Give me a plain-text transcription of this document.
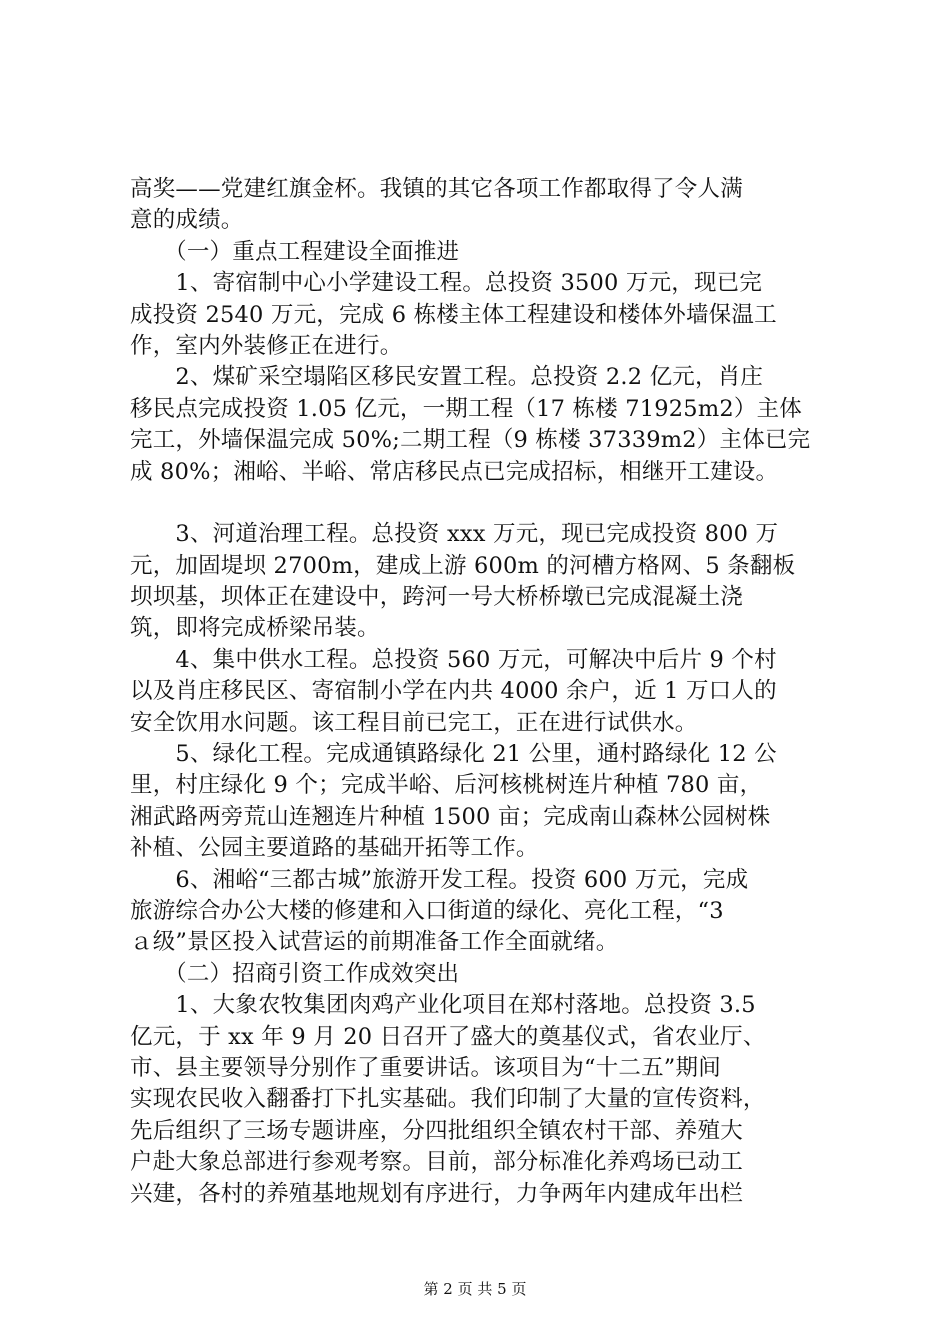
高奖——党建红旗金杯。我镇的其它各项工作都取得了令人满
意的成绩。
　　（一）重点工程建设全面推进
　　1、寄宿制中心小学建设工程。总投资 3500 万元，现已完
成投资 2540 万元，完成 6 栋楼主体工程建设和楼体外墙保温工
作，室内外装修正在进行。
　　2、煤矿采空塌陷区移民安置工程。总投资 2.2 亿元，肖庄
移民点完成投资 1.05 亿元，一期工程（17 栋楼 71925m2）主体
完工，外墙保温完成 50%;二期工程（9 栋楼 37339m2）主体已完
成 80%；湘峪、半峪、常店移民点已完成招标，相继开工建设。
　　3、河道治理工程。总投资 xxx 万元，现已完成投资 800 万
元，加固堤坝 2700m，建成上游 600m 的河槽方格网、5 条翻板
坝坝基，坝体正在建设中，跨河一号大桥桥墩已完成混凝土浇
筑，即将完成桥梁吊装。
　　4、集中供水工程。总投资 560 万元，可解决中后片 9 个村
以及肖庄移民区、寄宿制小学在内共 4000 余户，近 1 万口人的
安全饮用水问题。该工程目前已完工，正在进行试供水。
　　5、绿化工程。完成通镇路绿化 21 公里，通村路绿化 12 公
里，村庄绿化 9 个；完成半峪、后河核桃树连片种植 780 亩，
湘武路两旁荒山连翘连片种植 1500 亩；完成南山森林公园树株
补植、公园主要道路的基础开拓等工作。
　　6、湘峪“三都古城”旅游开发工程。投资 600 万元，完成
旅游综合办公大楼的修建和入口街道的绿化、亮化工程，“3
ａ级”景区投入试营运的前期准备工作全面就绪。
　　（二）招商引资工作成效突出
　　1、大象农牧集团肉鸡产业化项目在郑村落地。总投资 3.5
亿元，于 xx 年 9 月 20 日召开了盛大的奠基仪式，省农业厅、
市、县主要领导分别作了重要讲话。该项目为“十二五”期间
实现农民收入翻番打下扎实基础。我们印制了大量的宣传资料，
先后组织了三场专题讲座，分四批组织全镇农村干部、养殖大
户赴大象总部进行参观考察。目前，部分标准化养鸡场已动工
兴建，各村的养殖基地规划有序进行，力争两年内建成年出栏
第 2 页 共 5 页
